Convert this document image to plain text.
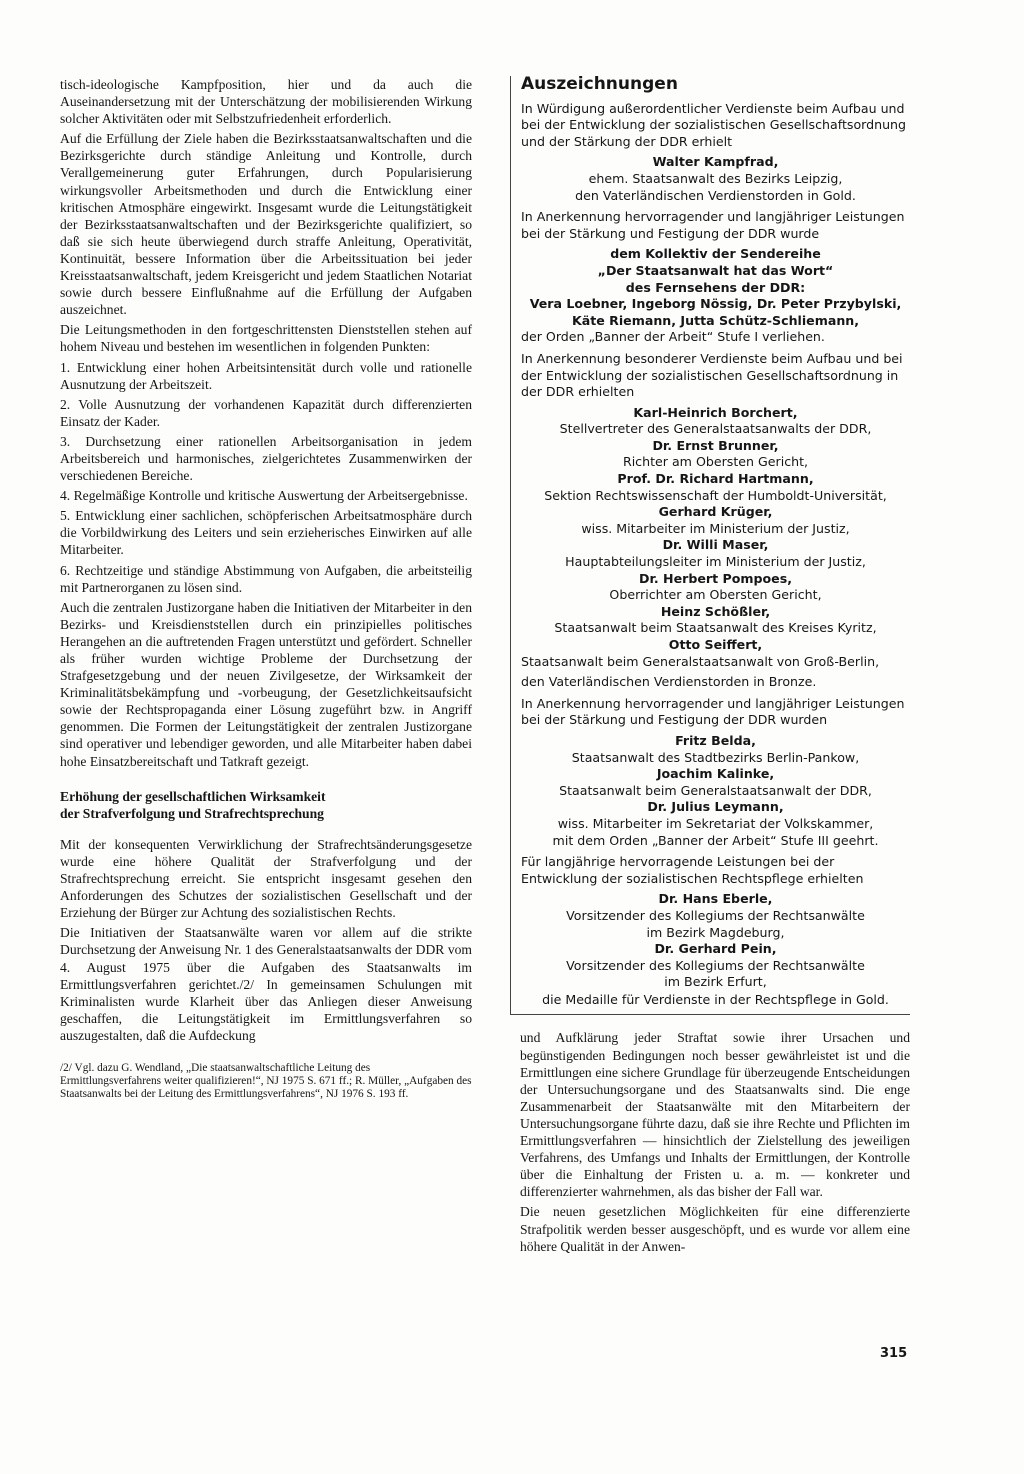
tisch-ideologische Kampfposition, hier und da auch die Auseinandersetzung mit der Unterschätzung der mobilisierenden Wirkung solcher Aktivitäten oder mit Selbstzufriedenheit erforderlich.

Auf die Erfüllung der Ziele haben die Bezirksstaatsanwaltschaften und die Bezirksgerichte durch ständige Anleitung und Kontrolle, durch Verallgemeinerung guter Erfahrungen, durch Popularisierung wirkungsvoller Arbeitsmethoden und durch die Entwicklung einer kritischen Atmosphäre eingewirkt. Insgesamt wurde die Leitungstätigkeit der Bezirksstaatsanwaltschaften und der Bezirksgerichte qualifiziert, so daß sie sich heute überwiegend durch straffe Anleitung, Operativität, Kontinuität, bessere Information über die Arbeitssituation bei jeder Kreisstaatsanwaltschaft, jedem Kreisgericht und jedem Staatlichen Notariat sowie durch bessere Einflußnahme auf die Erfüllung der Aufgaben auszeichnet.

Die Leitungsmethoden in den fortgeschrittensten Dienststellen stehen auf hohem Niveau und bestehen im wesentlichen in folgenden Punkten:

1. Entwicklung einer hohen Arbeitsintensität durch volle und rationelle Ausnutzung der Arbeitszeit.
2. Volle Ausnutzung der vorhandenen Kapazität durch differenzierten Einsatz der Kader.
3. Durchsetzung einer rationellen Arbeitsorganisation in jedem Arbeitsbereich und harmonisches, zielgerichtetes Zusammenwirken der verschiedenen Bereiche.
4. Regelmäßige Kontrolle und kritische Auswertung der Arbeitsergebnisse.
5. Entwicklung einer sachlichen, schöpferischen Arbeitsatmosphäre durch die Vorbildwirkung des Leiters und sein erzieherisches Einwirken auf alle Mitarbeiter.
6. Rechtzeitige und ständige Abstimmung von Aufgaben, die arbeitsteilig mit Partnerorganen zu lösen sind.

Auch die zentralen Justizorgane haben die Initiativen der Mitarbeiter in den Bezirks- und Kreisdienststellen durch ein prinzipielles politisches Herangehen an die auftretenden Fragen unterstützt und gefördert. Schneller als früher wurden wichtige Probleme der Durchsetzung der Strafgesetzgebung und der neuen Zivilgesetze, der Wirksamkeit der Kriminalitätsbekämpfung und -vorbeugung, der Gesetzlichkeitsaufsicht sowie der Rechtspropaganda einer Lösung zugeführt bzw. in Angriff genommen. Die Formen der Leitungstätigkeit der zentralen Justizorgane sind operativer und lebendiger geworden, und alle Mitarbeiter haben dabei hohe Einsatzbereitschaft und Tatkraft gezeigt.

Erhöhung der gesellschaftlichen Wirksamkeit
der Strafverfolgung und Strafrechtsprechung

Mit der konsequenten Verwirklichung der Strafrechtsänderungsgesetze wurde eine höhere Qualität der Strafverfolgung und der Strafrechtsprechung erreicht. Sie entspricht insgesamt gesehen den Anforderungen des Schutzes der sozialistischen Gesellschaft und der Erziehung der Bürger zur Achtung des sozialistischen Rechts.

Die Initiativen der Staatsanwälte waren vor allem auf die strikte Durchsetzung der Anweisung Nr. 1 des Generalstaatsanwalts der DDR vom 4. August 1975 über die Aufgaben des Staatsanwalts im Ermittlungsverfahren gerichtet./2/ In gemeinsamen Schulungen mit Kriminalisten wurde Klarheit über das Anliegen dieser Anweisung geschaffen, die Leitungstätigkeit im Ermittlungsverfahren so auszugestalten, daß die Aufdeckung

/2/ Vgl. dazu G. Wendland, „Die staatsanwaltschaftliche Leitung des Ermittlungsverfahrens weiter qualifizieren!“, NJ 1975 S. 671 ff.; R. Müller, „Aufgaben des Staatsanwalts bei der Leitung des Ermittlungsverfahrens“, NJ 1976 S. 193 ff.
Auszeichnungen

In Würdigung außerordentlicher Verdienste beim Aufbau und bei der Entwicklung der sozialistischen Gesellschaftsordnung und der Stärkung der DDR erhielt

Walter Kampfrad,

ehem. Staatsanwalt des Bezirks Leipzig,

den Vaterländischen Verdienstorden in Gold.

In Anerkennung hervorragender und langjähriger Leistungen bei der Stärkung und Festigung der DDR wurde

dem Kollektiv der Sendereihe

„Der Staatsanwalt hat das Wort“

des Fernsehens der DDR:

Vera Loebner, Ingeborg Nössig, Dr. Peter Przybylski,

Käte Riemann, Jutta Schütz-Schliemann,

der Orden „Banner der Arbeit“ Stufe I verliehen.

In Anerkennung besonderer Verdienste beim Aufbau und bei der Entwicklung der sozialistischen Gesellschaftsordnung in der DDR erhielten

Karl-Heinrich Borchert,

Stellvertreter des Generalstaatsanwalts der DDR,

Dr. Ernst Brunner,

Richter am Obersten Gericht,

Prof. Dr. Richard Hartmann,

Sektion Rechtswissenschaft der Humboldt-Universität,

Gerhard Krüger,

wiss. Mitarbeiter im Ministerium der Justiz,

Dr. Willi Maser,

Hauptabteilungsleiter im Ministerium der Justiz,

Dr. Herbert Pompoes,

Oberrichter am Obersten Gericht,

Heinz Schößler,

Staatsanwalt beim Staatsanwalt des Kreises Kyritz,

Otto Seiffert,

Staatsanwalt beim Generalstaatsanwalt von Groß-Berlin,

den Vaterländischen Verdienstorden in Bronze.

In Anerkennung hervorragender und langjähriger Leistungen bei der Stärkung und Festigung der DDR wurden

Fritz Belda,

Staatsanwalt des Stadtbezirks Berlin-Pankow,

Joachim Kalinke,

Staatsanwalt beim Generalstaatsanwalt der DDR,

Dr. Julius Leymann,

wiss. Mitarbeiter im Sekretariat der Volkskammer,

mit dem Orden „Banner der Arbeit“ Stufe III geehrt.

Für langjährige hervorragende Leistungen bei der Entwicklung der sozialistischen Rechtspflege erhielten

Dr. Hans Eberle,

Vorsitzender des Kollegiums der Rechtsanwälte

im Bezirk Magdeburg,

Dr. Gerhard Pein,

Vorsitzender des Kollegiums der Rechtsanwälte

im Bezirk Erfurt,

die Medaille für Verdienste in der Rechtspflege in Gold.

und Aufklärung jeder Straftat sowie ihrer Ursachen und begünstigenden Bedingungen noch besser gewährleistet ist und die Ermittlungen eine sichere Grundlage für überzeugende Entscheidungen der Untersuchungsorgane und des Staatsanwalts sind. Die enge Zusammenarbeit der Staatsanwälte mit den Mitarbeitern der Untersuchungsorgane führte dazu, daß sie ihre Rechte und Pflichten im Ermittlungsverfahren — hinsichtlich der Zielstellung des jeweiligen Verfahrens, des Umfangs und Inhalts der Ermittlungen, der Kontrolle über die Einhaltung der Fristen u. a. m. — konkreter und differenzierter wahrnehmen, als das bisher der Fall war.

Die neuen gesetzlichen Möglichkeiten für eine differenzierte Strafpolitik werden besser ausgeschöpft, und es wurde vor allem eine höhere Qualität in der Anwen-

315
